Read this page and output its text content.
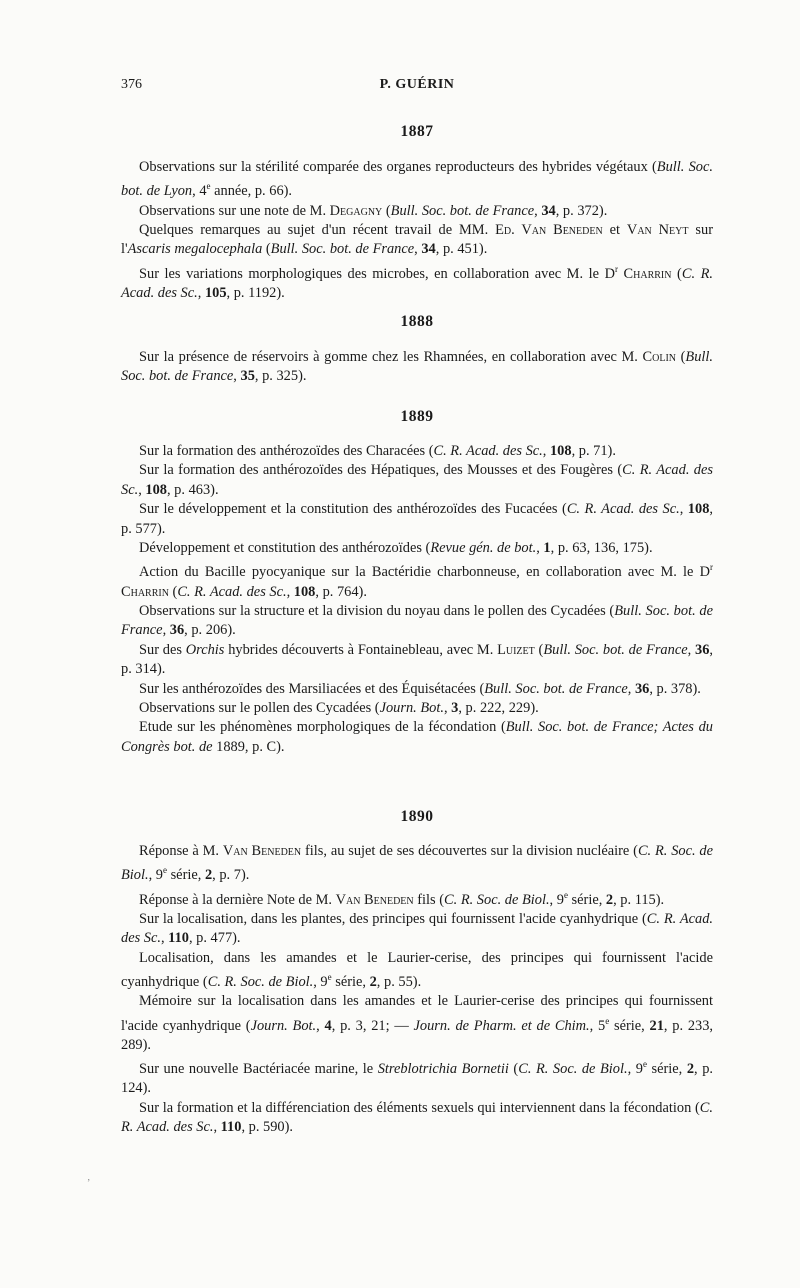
376	P. GUÉRIN
1887
Observations sur la stérilité comparée des organes reproducteurs des hybrides végétaux (Bull. Soc. bot. de Lyon, 4e année, p. 66).
Observations sur une note de M. Degagny (Bull. Soc. bot. de France, 34, p. 372).
Quelques remarques au sujet d'un récent travail de MM. Ed. Van Beneden et Van Neyt sur l'Ascaris megalocephala (Bull. Soc. bot. de France, 34, p. 451).
Sur les variations morphologiques des microbes, en collaboration avec M. le $D^r$ Charrin (C. R. Acad. des Sc., 105, p. 1192).
1888
Sur la présence de réservoirs à gomme chez les Rhamnées, en collaboration avec M. Colin (Bull. Soc. bot. de France, 35, p. 325).
1889
Sur la formation des anthérozoïdes des Characées (C. R. Acad. des Sc., 108, p. 71).
Sur la formation des anthérozoïdes des Hépatiques, des Mousses et des Fougères (C. R. Acad. des Sc., 108, p. 463).
Sur le développement et la constitution des anthérozoïdes des Fucacées (C. R. Acad. des Sc., 108, p. 577).
Développement et constitution des anthérozoïdes (Revue gén. de bot., 1, p. 63, 136, 175).
Action du Bacille pyocyanique sur la Bactéridie charbonneuse, en collaboration avec M. le $D^r$ Charrin (C. R. Acad. des Sc., 108, p. 764).
Observations sur la structure et la division du noyau dans le pollen des Cycadées (Bull. Soc. bot. de France, 36, p. 206).
Sur des Orchis hybrides découverts à Fontainebleau, avec M. Luizet (Bull. Soc. bot. de France, 36, p. 314).
Sur les anthérozoïdes des Marsiliacées et des Équisétacées (Bull. Soc. bot. de France, 36, p. 378).
Observations sur le pollen des Cycadées (Journ. Bot., 3, p. 222, 229).
Etude sur les phénomènes morphologiques de la fécondation (Bull. Soc. bot. de France; Actes du Congrès bot. de 1889, p. C).
1890
Réponse à M. Van Beneden fils, au sujet de ses découvertes sur la division nucléaire (C. R. Soc. de Biol., 9e série, 2, p. 7).
Réponse à la dernière Note de M. Van Beneden fils (C. R. Soc. de Biol., 9e série, 2, p. 115).
Sur la localisation, dans les plantes, des principes qui fournissent l'acide cyanhydrique (C. R. Acad. des Sc., 110, p. 477).
Localisation, dans les amandes et le Laurier-cerise, des principes qui fournissent l'acide cyanhydrique (C. R. Soc. de Biol., 9e série, 2, p. 55).
Mémoire sur la localisation dans les amandes et le Laurier-cerise des principes qui fournissent l'acide cyanhydrique (Journ. Bot., 4, p. 3, 21; — Journ. de Pharm. et de Chim., 5e série, 21, p. 233, 289).
Sur une nouvelle Bactériacée marine, le Streblotrichia Bornetii (C. R. Soc. de Biol., 9e série, 2, p. 124).
Sur la formation et la différenciation des éléments sexuels qui interviennent dans la fécondation (C. R. Acad. des Sc., 110, p. 590).
ʼ
